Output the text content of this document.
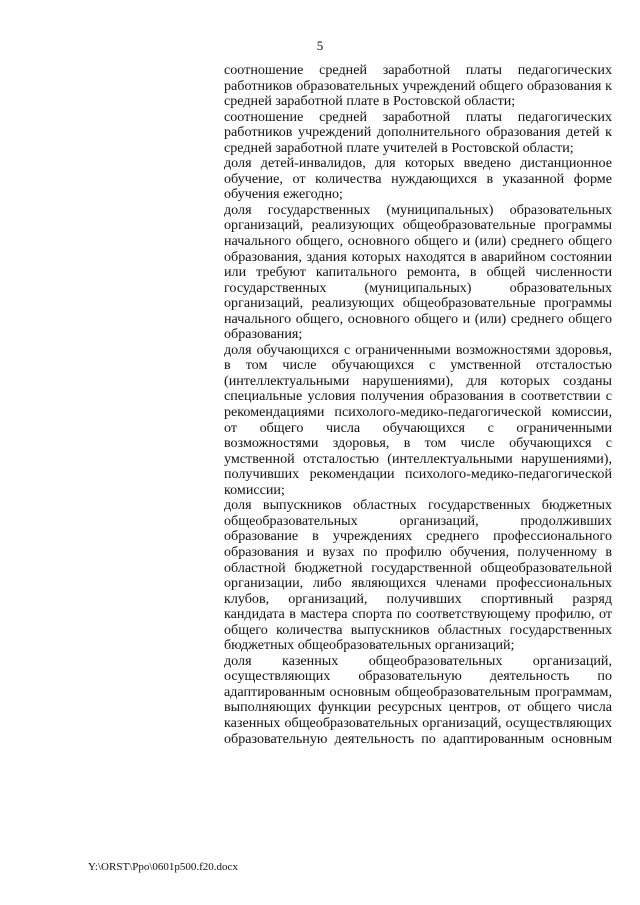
5

соотношение средней заработной платы педагогических работников образовательных учреждений общего образования к средней заработной плате в Ростовской области;

соотношение средней заработной платы педагогических работников учреждений дополнительного образования детей к средней заработной плате учителей в Ростовской области;

доля детей-инвалидов, для которых введено дистанционное обучение, от количества нуждающихся в указанной форме обучения ежегодно;

доля государственных (муниципальных) образовательных организаций, реализующих общеобразовательные программы начального общего, основного общего и (или) среднего общего образования, здания которых находятся в аварийном состоянии или требуют капитального ремонта, в общей численности государственных (муниципальных) образовательных организаций, реализующих общеобразовательные программы начального общего, основного общего и (или) среднего общего образования;

доля обучающихся с ограниченными возможностями здоровья, в том числе обучающихся с умственной отсталостью (интеллектуальными нарушениями), для которых созданы специальные условия получения образования в соответствии с рекомендациями психолого-медико-педагогической комиссии, от общего числа обучающихся с ограниченными возможностями здоровья, в том числе обучающихся с умственной отсталостью (интеллектуальными нарушениями), получивших рекомендации психолого-медико-педагогической комиссии;

доля выпускников областных государственных бюджетных общеобразовательных организаций, продолживших образование в учреждениях среднего профессионального образования и вузах по профилю обучения, полученному в областной бюджетной государственной общеобразовательной организации, либо являющихся членами профессиональных клубов, организаций, получивших спортивный разряд кандидата в мастера спорта по соответствующему профилю, от общего количества выпускников областных государственных бюджетных общеобразовательных организаций;

доля казенных общеобразовательных организаций, осуществляющих образовательную деятельность по адаптированным основным общеобразовательным программам, выполняющих функции ресурсных центров, от общего числа казенных общеобразовательных организаций, осуществляющих образовательную деятельность по адаптированным основным

Y:\ORST\Ppo\0601p500.f20.docx
